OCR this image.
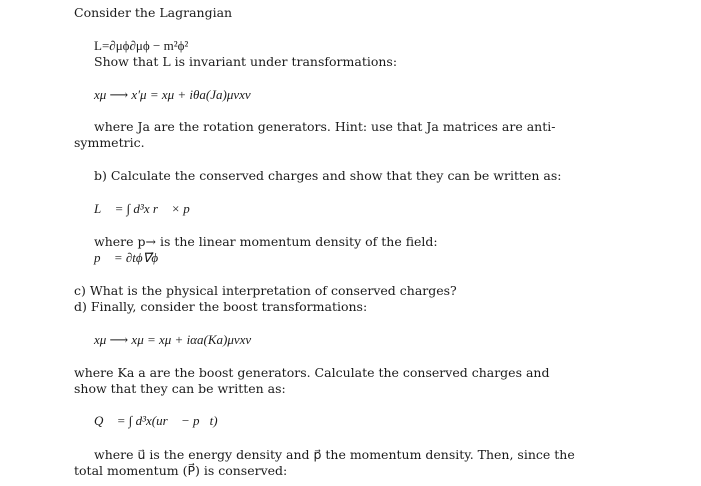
Consider the Lagrangian
L=∂μϕ∂μϕ − m²ϕ²
Show that L is invariant under transformations:
xμ ⟶ x′μ = xμ + iθa(Ja)μνxν
where Ja are the rotation generators. Hint: use that Ja matrices are anti-
symmetric.
b) Calculate the conserved charges and show that they can be written as:
L⃗ = ∫ d³x r⃗ × p⃗
where p→ is the linear momentum density of the field:
p⃗ = ∂tϕ∇⃗ϕ
c) What is the physical interpretation of conserved charges?
d) Finally, consider the boost transformations:
xμ ⟶ xμ = xμ + iαa(Ka)μνxν
where Ka a are the boost generators. Calculate the conserved charges and
show that they can be written as:
Q⃗ = ∫ d³x(ur⃗ − p⃗t)
where u⃗ is the energy density and p⃗ the momentum density. Then, since the
total momentum (P⃗) is conserved:
